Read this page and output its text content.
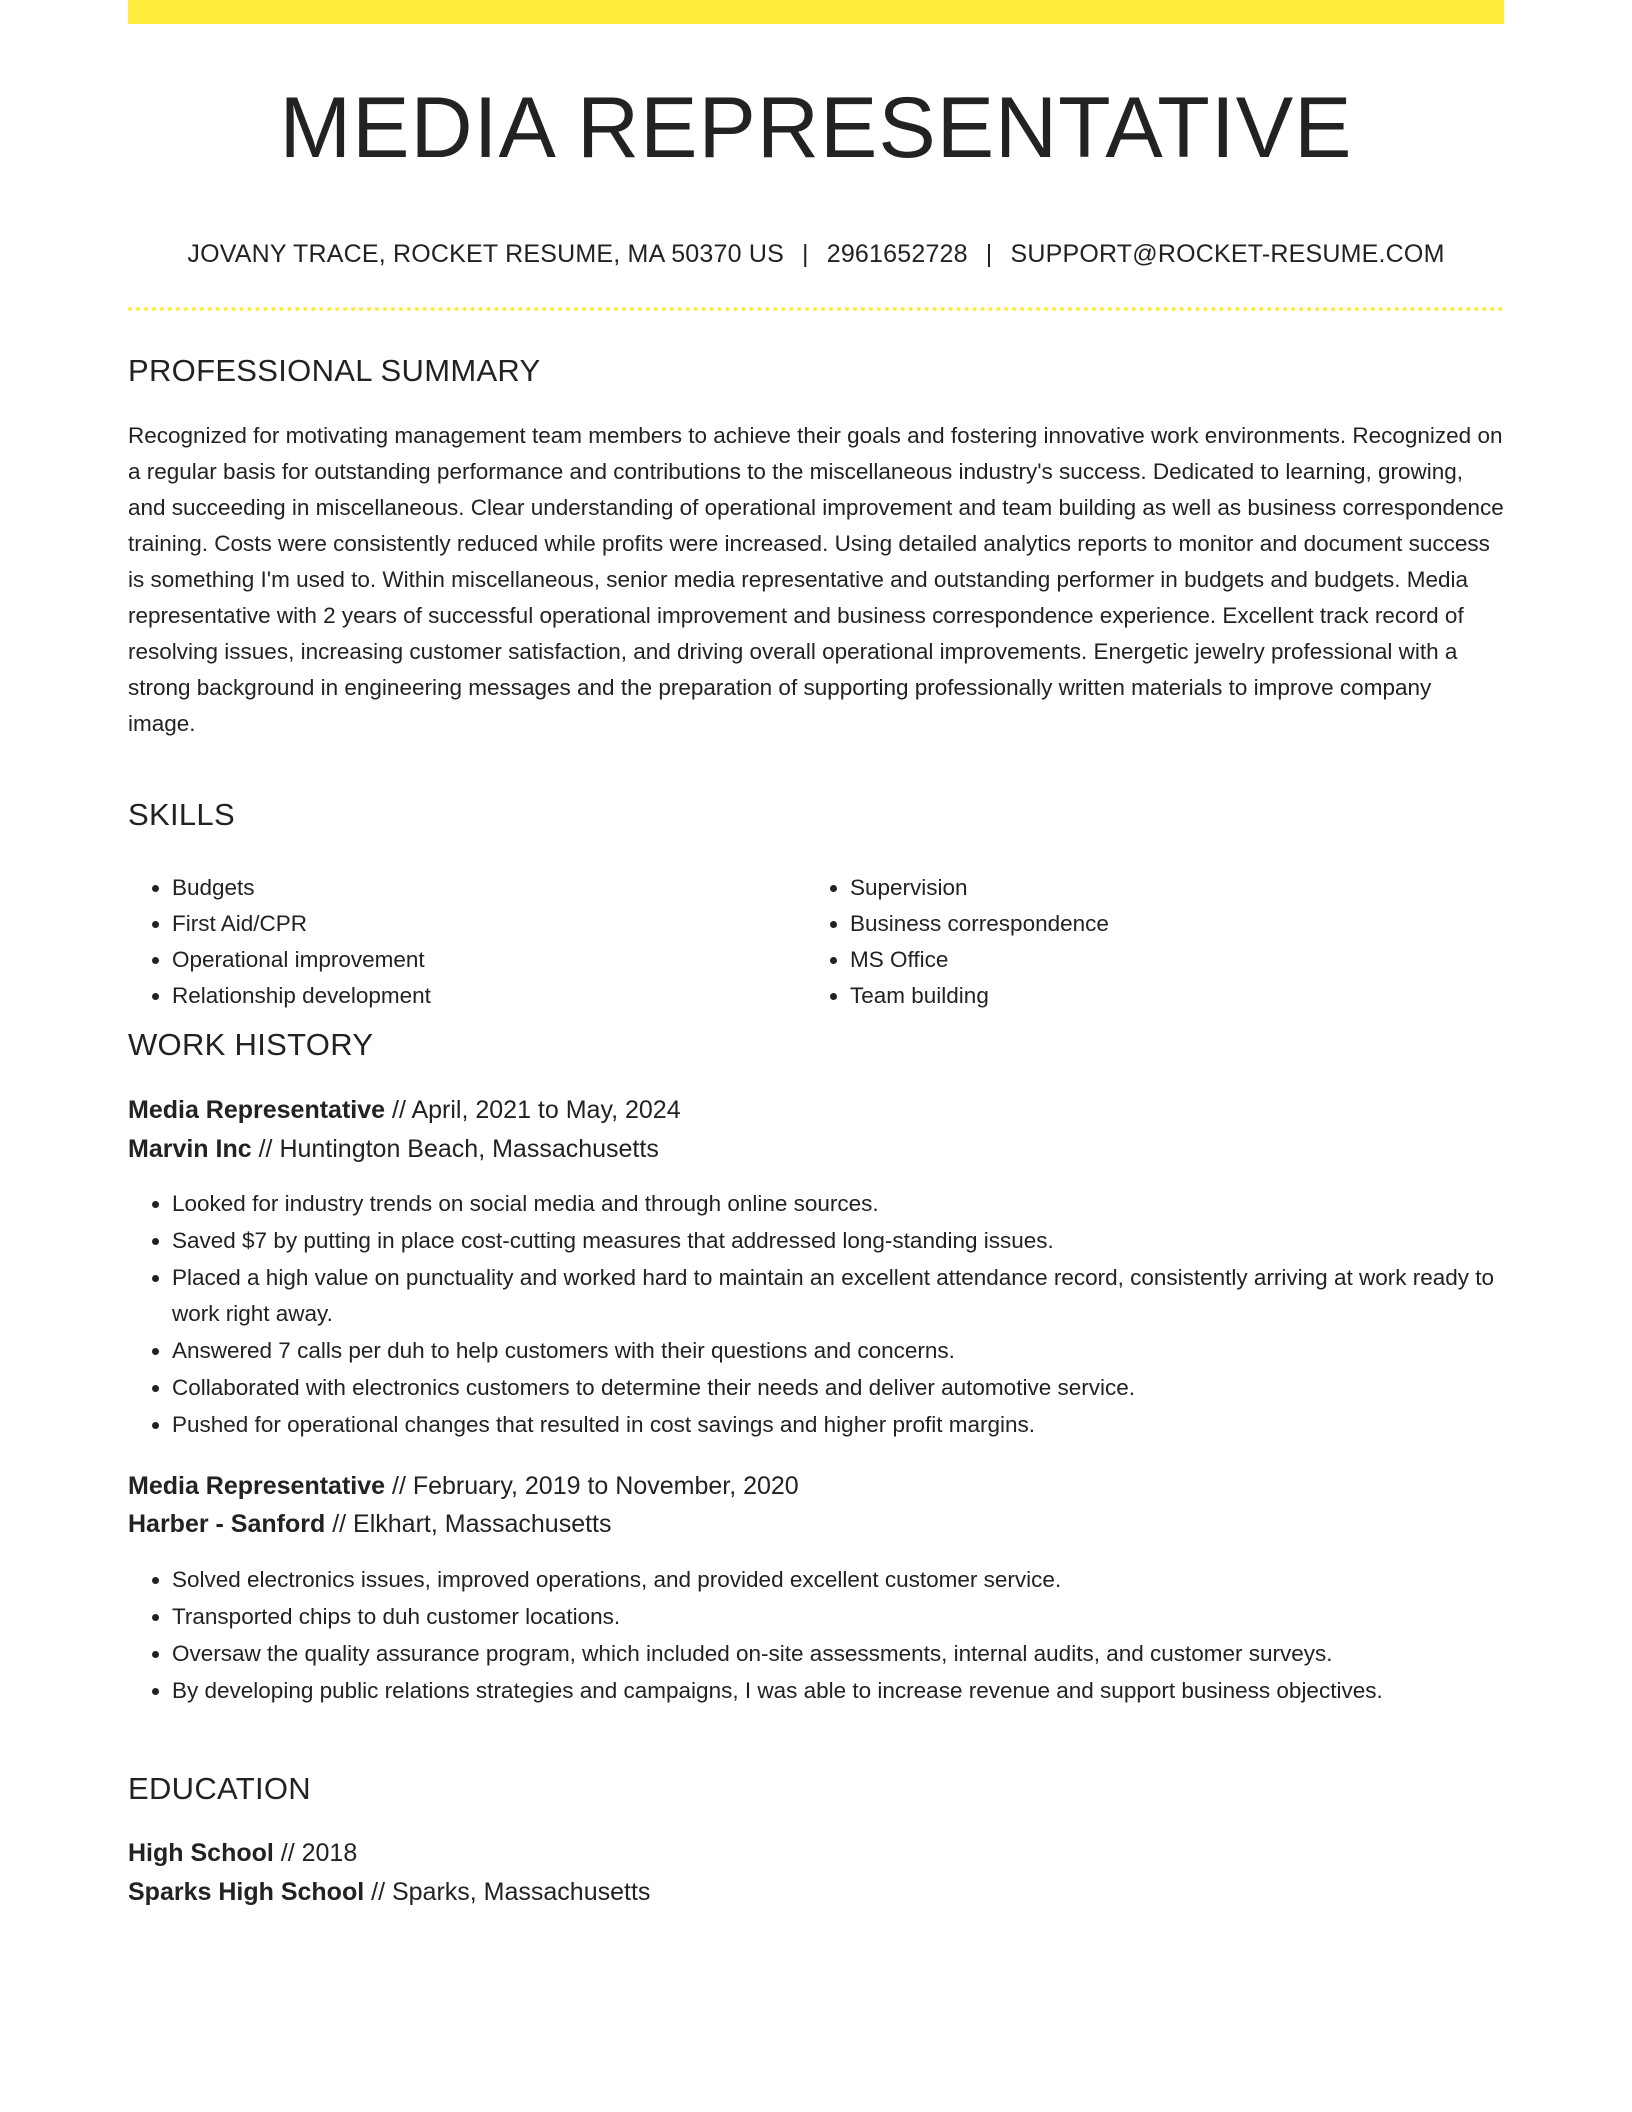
MEDIA REPRESENTATIVE
JOVANY TRACE, ROCKET RESUME, MA 50370 US | 2961652728 | SUPPORT@ROCKET-RESUME.COM
PROFESSIONAL SUMMARY

Recognized for motivating management team members to achieve their goals and fostering innovative work environments. Recognized on a regular basis for outstanding performance and contributions to the miscellaneous industry's success. Dedicated to learning, growing, and succeeding in miscellaneous. Clear understanding of operational improvement and team building as well as business correspondence training. Costs were consistently reduced while profits were increased. Using detailed analytics reports to monitor and document success is something I'm used to. Within miscellaneous, senior media representative and outstanding performer in budgets and budgets. Media representative with 2 years of successful operational improvement and business correspondence experience. Excellent track record of resolving issues, increasing customer satisfaction, and driving overall operational improvements. Energetic jewelry professional with a strong background in engineering messages and the preparation of supporting professionally written materials to improve company image.

SKILLS
• Budgets
• First Aid/CPR
• Operational improvement
• Relationship development
• Supervision
• Business correspondence
• MS Office
• Team building
WORK HISTORY
Media Representative // April, 2021 to May, 2024
Marvin Inc // Huntington Beach, Massachusetts
• Looked for industry trends on social media and through online sources.
• Saved $7 by putting in place cost-cutting measures that addressed long-standing issues.
• Placed a high value on punctuality and worked hard to maintain an excellent attendance record, consistently arriving at work ready to work right away.
• Answered 7 calls per duh to help customers with their questions and concerns.
• Collaborated with electronics customers to determine their needs and deliver automotive service.
• Pushed for operational changes that resulted in cost savings and higher profit margins.
Media Representative // February, 2019 to November, 2020
Harber - Sanford // Elkhart, Massachusetts
• Solved electronics issues, improved operations, and provided excellent customer service.
• Transported chips to duh customer locations.
• Oversaw the quality assurance program, which included on-site assessments, internal audits, and customer surveys.
• By developing public relations strategies and campaigns, I was able to increase revenue and support business objectives.
EDUCATION
High School // 2018
Sparks High School // Sparks, Massachusetts
